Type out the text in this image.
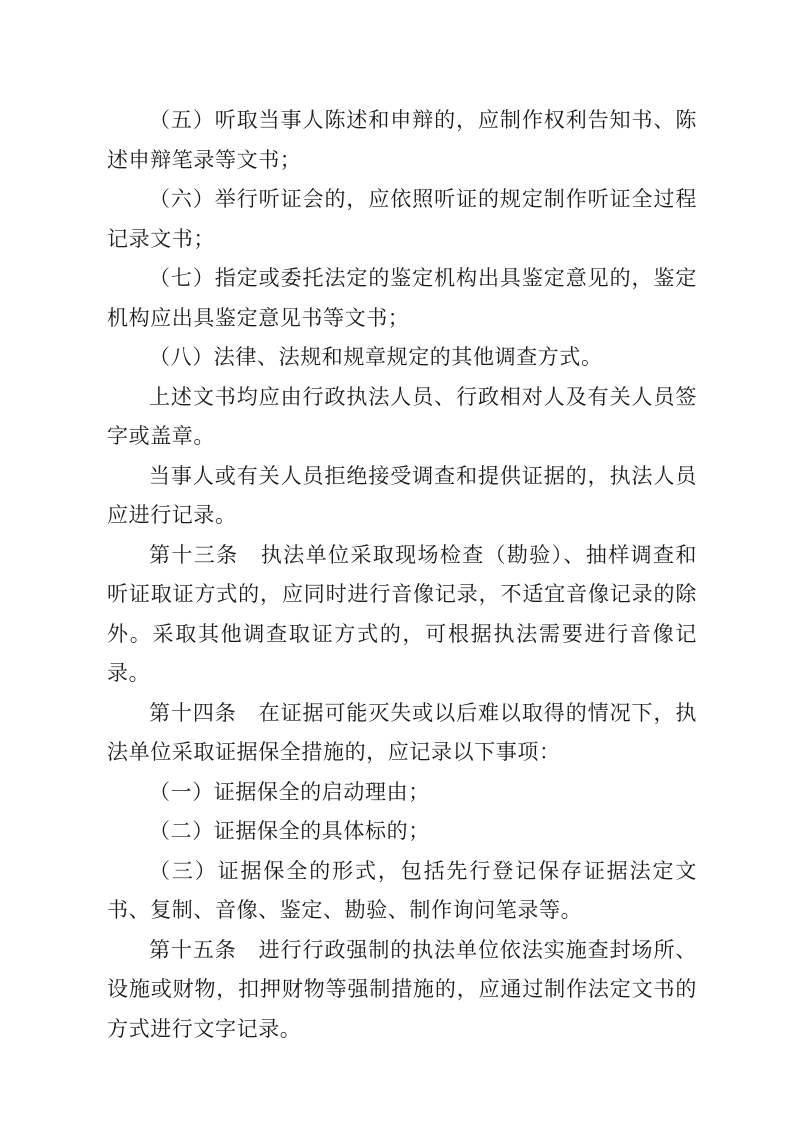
（五）听取当事人陈述和申辩的，应制作权利告知书、陈述申辩笔录等文书；

（六）举行听证会的，应依照听证的规定制作听证全过程记录文书；

（七）指定或委托法定的鉴定机构出具鉴定意见的，鉴定机构应出具鉴定意见书等文书；

（八）法律、法规和规章规定的其他调查方式。

上述文书均应由行政执法人员、行政相对人及有关人员签字或盖章。

当事人或有关人员拒绝接受调查和提供证据的，执法人员应进行记录。

第十三条　执法单位采取现场检查（勘验）、抽样调查和听证取证方式的，应同时进行音像记录，不适宜音像记录的除外。采取其他调查取证方式的，可根据执法需要进行音像记录。

第十四条　在证据可能灭失或以后难以取得的情况下，执法单位采取证据保全措施的，应记录以下事项：

（一）证据保全的启动理由；

（二）证据保全的具体标的；

（三）证据保全的形式，包括先行登记保存证据法定文书、复制、音像、鉴定、勘验、制作询问笔录等。

第十五条　进行行政强制的执法单位依法实施查封场所、设施或财物，扣押财物等强制措施的，应通过制作法定文书的方式进行文字记录。
